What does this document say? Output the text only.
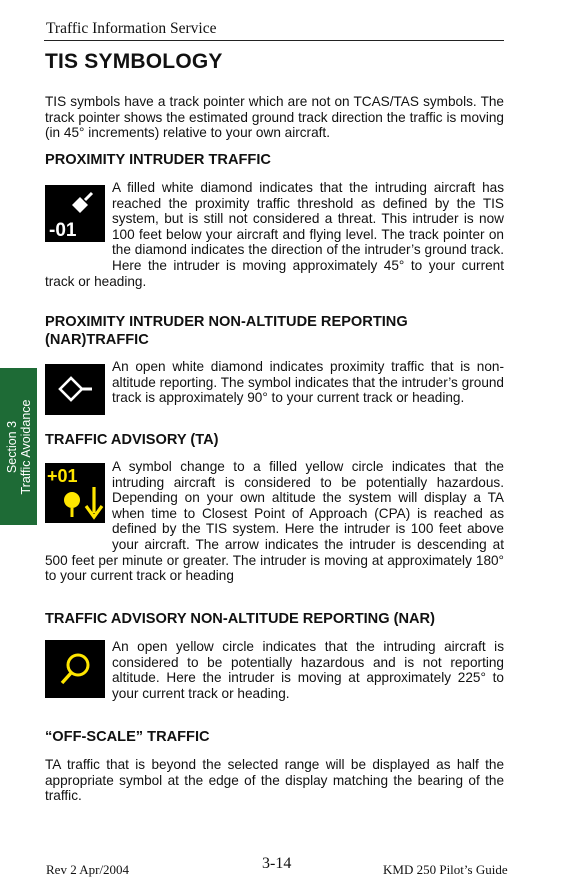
Traffic Information Service
TIS SYMBOLOGY

TIS symbols have a track pointer which are not on TCAS/TAS symbols. The track pointer shows the estimated ground track direction the traffic is moving (in 45° increments) relative to your own aircraft.

PROXIMITY INTRUDER TRAFFIC
-01

A filled white diamond indicates that the intruding aircraft has reached the proximity traffic threshold as defined by the TIS system, but is still not considered a threat. This intruder is now 100 feet below your aircraft and flying level. The track pointer on the diamond indicates the direction of the intruder’s ground track. Here the intruder is moving approximately 45° to your current track or heading.

PROXIMITY INTRUDER NON-ALTITUDE REPORTING (NAR)TRAFFIC

An open white diamond indicates proximity traffic that is non-altitude reporting. The symbol indicates that the intruder’s ground track is approximately 90° to your current track or heading.

TRAFFIC ADVISORY (TA)
+01	A symbol change to a filled yellow circle indicates that the intruding aircraft is considered to be potentially hazardous. Depending on your own altitude the system will display a TA when time to Closest Point of Approach (CPA) is reached as defined by the TIS system. Here the intruder is 100 feet above your aircraft. The arrow indicates the intruder is descending at 500 feet per minute or greater. The intruder is moving at approximately 180° to your current track or heading

TRAFFIC ADVISORY NON-ALTITUDE REPORTING (NAR)

An open yellow circle indicates that the intruding aircraft is considered to be potentially hazardous and is not reporting altitude. Here the intruder is moving at approximately 225° to your current track or heading.

“OFF-SCALE” TRAFFIC

TA traffic that is beyond the selected range will be displayed as half the appropriate symbol at the edge of the display matching the bearing of the traffic.

Section 3 Traffic Avoidance
Rev 2 Apr/2004	3-14	KMD 250 Pilot’s Guide
